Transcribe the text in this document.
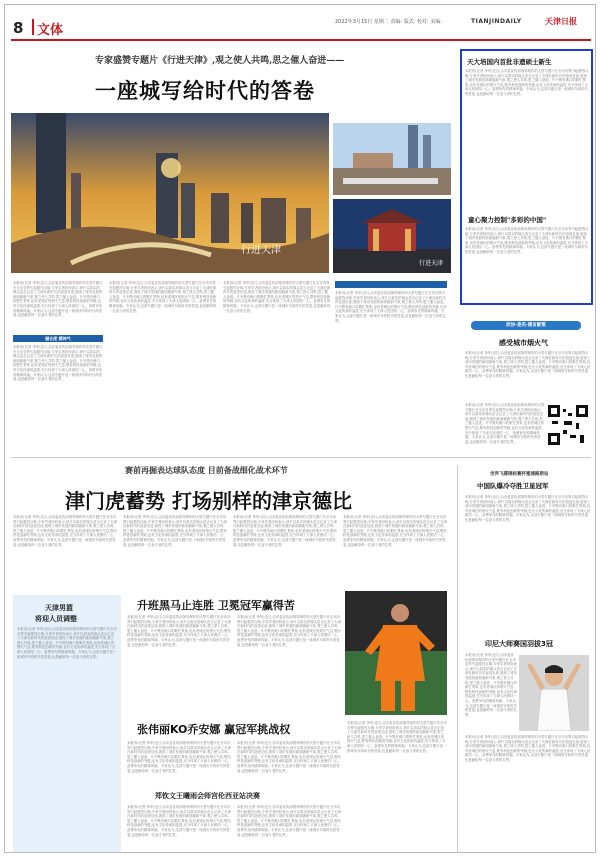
8 文体
2022年3月15日 星期二 责编: 版式: 校对: 美编:	TIANJINDAILY	天津日报
专家盛赞专题片《行进天津》,观之使人共鸣,思之催人奋进——
一座城写给时代的答卷
行进天津
行进天津
本报讯(记者 李华)近日,由市委宣传部指导制作的大型专题片在全市各界引起强烈反响,专家学者纷纷表示,该片以真实的镜头语言记录了天津在新时代的奋进足迹,展现了城市发展的新面貌新气象,观之使人共鸣,思之催人奋进。片中既有港口的繁忙景象,也有老城区的烟火气息,既有科技创新的突破,也有文化传承的温度,充分体现了天津人民团结一心、奋勇争先的精神风貌。专家认为,这部专题片是一座城市写给时代的答卷,也是献给每一位奋斗者的礼赞。
融合度 精神气
本报讯(记者 李华)近日,由市委宣传部指导制作的大型专题片在全市各界引起强烈反响,专家学者纷纷表示,该片以真实的镜头语言记录了天津在新时代的奋进足迹,展现了城市发展的新面貌新气象,观之使人共鸣,思之催人奋进。片中既有港口的繁忙景象,也有老城区的烟火气息,既有科技创新的突破,也有文化传承的温度,充分体现了天津人民团结一心、奋勇争先的精神风貌。专家认为,这部专题片是一座城市写给时代的答卷,也是献给每一位奋斗者的礼赞。
本报讯(记者 李华)近日,由市委宣传部指导制作的大型专题片在全市各界引起强烈反响,专家学者纷纷表示,该片以真实的镜头语言记录了天津在新时代的奋进足迹,展现了城市发展的新面貌新气象,观之使人共鸣,思之催人奋进。片中既有港口的繁忙景象,也有老城区的烟火气息,既有科技创新的突破,也有文化传承的温度,充分体现了天津人民团结一心、奋勇争先的精神风貌。专家认为,这部专题片是一座城市写给时代的答卷,也是献给每一位奋斗者的礼赞。
本报讯(记者 李华)近日,由市委宣传部指导制作的大型专题片在全市各界引起强烈反响,专家学者纷纷表示,该片以真实的镜头语言记录了天津在新时代的奋进足迹,展现了城市发展的新面貌新气象,观之使人共鸣,思之催人奋进。片中既有港口的繁忙景象,也有老城区的烟火气息,既有科技创新的突破,也有文化传承的温度,充分体现了天津人民团结一心、奋勇争先的精神风貌。专家认为,这部专题片是一座城市写给时代的答卷,也是献给每一位奋斗者的礼赞。
本报讯(记者 李华)近日,由市委宣传部指导制作的大型专题片在全市各界引起强烈反响,专家学者纷纷表示,该片以真实的镜头语言记录了天津在新时代的奋进足迹,展现了城市发展的新面貌新气象,观之使人共鸣,思之催人奋进。片中既有港口的繁忙景象,也有老城区的烟火气息,既有科技创新的突破,也有文化传承的温度,充分体现了天津人民团结一心、奋勇争先的精神风貌。专家认为,这部专题片是一座城市写给时代的答卷,也是献给每一位奋斗者的礼赞。
天大培国内首批非遗硕士新生
本报讯(记者 李华)近日,由市委宣传部指导制作的大型专题片在全市各界引起强烈反响,专家学者纷纷表示,该片以真实的镜头语言记录了天津在新时代的奋进足迹,展现了城市发展的新面貌新气象,观之使人共鸣,思之催人奋进。片中既有港口的繁忙景象,也有老城区的烟火气息,既有科技创新的突破,也有文化传承的温度,充分体现了天津人民团结一心、奋勇争先的精神风貌。专家认为,这部专题片是一座城市写给时代的答卷,也是献给每一位奋斗者的礼赞。
童心聚力控制"多彩的中国"
本报讯(记者 李华)近日,由市委宣传部指导制作的大型专题片在全市各界引起强烈反响,专家学者纷纷表示,该片以真实的镜头语言记录了天津在新时代的奋进足迹,展现了城市发展的新面貌新气象,观之使人共鸣,思之催人奋进。片中既有港口的繁忙景象,也有老城区的烟火气息,既有科技创新的突破,也有文化传承的温度,充分体现了天津人民团结一心、奋勇争先的精神风貌。专家认为,这部专题片是一座城市写给时代的答卷,也是献给每一位奋斗者的礼赞。
政协·委员·建言献策
感受城市烟火气
本报讯(记者 李华)近日,由市委宣传部指导制作的大型专题片在全市各界引起强烈反响,专家学者纷纷表示,该片以真实的镜头语言记录了天津在新时代的奋进足迹,展现了城市发展的新面貌新气象,观之使人共鸣,思之催人奋进。片中既有港口的繁忙景象,也有老城区的烟火气息,既有科技创新的突破,也有文化传承的温度,充分体现了天津人民团结一心、奋勇争先的精神风貌。专家认为,这部专题片是一座城市写给时代的答卷,也是献给每一位奋斗者的礼赞。
本报讯(记者 李华)近日,由市委宣传部指导制作的大型专题片在全市各界引起强烈反响,专家学者纷纷表示,该片以真实的镜头语言记录了天津在新时代的奋进足迹,展现了城市发展的新面貌新气象,观之使人共鸣,思之催人奋进。片中既有港口的繁忙景象,也有老城区的烟火气息,既有科技创新的突破,也有文化传承的温度,充分体现了天津人民团结一心、奋勇争先的精神风貌。专家认为,这部专题片是一座城市写给时代的答卷,也是献给每一位奋斗者的礼赞。
赛前再掘表达球队态度 目前备战细化战术环节
津门虎蓄势 打场别样的津京德比
本报讯(记者 李华)近日,由市委宣传部指导制作的大型专题片在全市各界引起强烈反响,专家学者纷纷表示,该片以真实的镜头语言记录了天津在新时代的奋进足迹,展现了城市发展的新面貌新气象,观之使人共鸣,思之催人奋进。片中既有港口的繁忙景象,也有老城区的烟火气息,既有科技创新的突破,也有文化传承的温度,充分体现了天津人民团结一心、奋勇争先的精神风貌。专家认为,这部专题片是一座城市写给时代的答卷,也是献给每一位奋斗者的礼赞。
本报讯(记者 李华)近日,由市委宣传部指导制作的大型专题片在全市各界引起强烈反响,专家学者纷纷表示,该片以真实的镜头语言记录了天津在新时代的奋进足迹,展现了城市发展的新面貌新气象,观之使人共鸣,思之催人奋进。片中既有港口的繁忙景象,也有老城区的烟火气息,既有科技创新的突破,也有文化传承的温度,充分体现了天津人民团结一心、奋勇争先的精神风貌。专家认为,这部专题片是一座城市写给时代的答卷,也是献给每一位奋斗者的礼赞。
本报讯(记者 李华)近日,由市委宣传部指导制作的大型专题片在全市各界引起强烈反响,专家学者纷纷表示,该片以真实的镜头语言记录了天津在新时代的奋进足迹,展现了城市发展的新面貌新气象,观之使人共鸣,思之催人奋进。片中既有港口的繁忙景象,也有老城区的烟火气息,既有科技创新的突破,也有文化传承的温度,充分体现了天津人民团结一心、奋勇争先的精神风貌。专家认为,这部专题片是一座城市写给时代的答卷,也是献给每一位奋斗者的礼赞。
本报讯(记者 李华)近日,由市委宣传部指导制作的大型专题片在全市各界引起强烈反响,专家学者纷纷表示,该片以真实的镜头语言记录了天津在新时代的奋进足迹,展现了城市发展的新面貌新气象,观之使人共鸣,思之催人奋进。片中既有港口的繁忙景象,也有老城区的烟火气息,既有科技创新的突破,也有文化传承的温度,充分体现了天津人民团结一心、奋勇争先的精神风貌。专家认为,这部专题片是一座城市写给时代的答卷,也是献给每一位奋斗者的礼赞。
天津男篮
将迎人员调整
本报讯(记者 李华)近日,由市委宣传部指导制作的大型专题片在全市各界引起强烈反响,专家学者纷纷表示,该片以真实的镜头语言记录了天津在新时代的奋进足迹,展现了城市发展的新面貌新气象,观之使人共鸣,思之催人奋进。片中既有港口的繁忙景象,也有老城区的烟火气息,既有科技创新的突破,也有文化传承的温度,充分体现了天津人民团结一心、奋勇争先的精神风貌。专家认为,这部专题片是一座城市写给时代的答卷,也是献给每一位奋斗者的礼赞。
升班黑马止连胜 卫冕冠军赢得苦
本报讯(记者 李华)近日,由市委宣传部指导制作的大型专题片在全市各界引起强烈反响,专家学者纷纷表示,该片以真实的镜头语言记录了天津在新时代的奋进足迹,展现了城市发展的新面貌新气象,观之使人共鸣,思之催人奋进。片中既有港口的繁忙景象,也有老城区的烟火气息,既有科技创新的突破,也有文化传承的温度,充分体现了天津人民团结一心、奋勇争先的精神风貌。专家认为,这部专题片是一座城市写给时代的答卷,也是献给每一位奋斗者的礼赞。
本报讯(记者 李华)近日,由市委宣传部指导制作的大型专题片在全市各界引起强烈反响,专家学者纷纷表示,该片以真实的镜头语言记录了天津在新时代的奋进足迹,展现了城市发展的新面貌新气象,观之使人共鸣,思之催人奋进。片中既有港口的繁忙景象,也有老城区的烟火气息,既有科技创新的突破,也有文化传承的温度,充分体现了天津人民团结一心、奋勇争先的精神风貌。专家认为,这部专题片是一座城市写给时代的答卷,也是献给每一位奋斗者的礼赞。
张伟丽KO乔安娜 赢冠军挑战权
本报讯(记者 李华)近日,由市委宣传部指导制作的大型专题片在全市各界引起强烈反响,专家学者纷纷表示,该片以真实的镜头语言记录了天津在新时代的奋进足迹,展现了城市发展的新面貌新气象,观之使人共鸣,思之催人奋进。片中既有港口的繁忙景象,也有老城区的烟火气息,既有科技创新的突破,也有文化传承的温度,充分体现了天津人民团结一心、奋勇争先的精神风貌。专家认为,这部专题片是一座城市写给时代的答卷,也是献给每一位奋斗者的礼赞。
本报讯(记者 李华)近日,由市委宣传部指导制作的大型专题片在全市各界引起强烈反响,专家学者纷纷表示,该片以真实的镜头语言记录了天津在新时代的奋进足迹,展现了城市发展的新面貌新气象,观之使人共鸣,思之催人奋进。片中既有港口的繁忙景象,也有老城区的烟火气息,既有科技创新的突破,也有文化传承的温度,充分体现了天津人民团结一心、奋勇争先的精神风貌。专家认为,这部专题片是一座城市写给时代的答卷,也是献给每一位奋斗者的礼赞。
本报讯(记者 李华)近日,由市委宣传部指导制作的大型专题片在全市各界引起强烈反响,专家学者纷纷表示,该片以真实的镜头语言记录了天津在新时代的奋进足迹,展现了城市发展的新面貌新气象,观之使人共鸣,思之催人奋进。片中既有港口的繁忙景象,也有老城区的烟火气息,既有科技创新的突破,也有文化传承的温度,充分体现了天津人民团结一心、奋勇争先的精神风貌。专家认为,这部专题片是一座城市写给时代的答卷,也是献给每一位奋斗者的礼赞。
郑钦文王曦雨会师宫伦西亚站决赛
本报讯(记者 李华)近日,由市委宣传部指导制作的大型专题片在全市各界引起强烈反响,专家学者纷纷表示,该片以真实的镜头语言记录了天津在新时代的奋进足迹,展现了城市发展的新面貌新气象,观之使人共鸣,思之催人奋进。片中既有港口的繁忙景象,也有老城区的烟火气息,既有科技创新的突破,也有文化传承的温度,充分体现了天津人民团结一心、奋勇争先的精神风貌。专家认为,这部专题片是一座城市写给时代的答卷,也是献给每一位奋斗者的礼赞。
本报讯(记者 李华)近日,由市委宣传部指导制作的大型专题片在全市各界引起强烈反响,专家学者纷纷表示,该片以真实的镜头语言记录了天津在新时代的奋进足迹,展现了城市发展的新面貌新气象,观之使人共鸣,思之催人奋进。片中既有港口的繁忙景象,也有老城区的烟火气息,既有科技创新的突破,也有文化传承的温度,充分体现了天津人民团结一心、奋勇争先的精神风貌。专家认为,这部专题片是一座城市写给时代的答卷,也是献给每一位奋斗者的礼赞。
世界飞碟锦标赛杯塞浦路斯站
中国队爆冷夺胜卫星冠军
本报讯(记者 李华)近日,由市委宣传部指导制作的大型专题片在全市各界引起强烈反响,专家学者纷纷表示,该片以真实的镜头语言记录了天津在新时代的奋进足迹,展现了城市发展的新面貌新气象,观之使人共鸣,思之催人奋进。片中既有港口的繁忙景象,也有老城区的烟火气息,既有科技创新的突破,也有文化传承的温度,充分体现了天津人民团结一心、奋勇争先的精神风貌。专家认为,这部专题片是一座城市写给时代的答卷,也是献给每一位奋斗者的礼赞。
印尼大师赛国羽拔3冠
本报讯(记者 李华)近日,由市委宣传部指导制作的大型专题片在全市各界引起强烈反响,专家学者纷纷表示,该片以真实的镜头语言记录了天津在新时代的奋进足迹,展现了城市发展的新面貌新气象,观之使人共鸣,思之催人奋进。片中既有港口的繁忙景象,也有老城区的烟火气息,既有科技创新的突破,也有文化传承的温度,充分体现了天津人民团结一心、奋勇争先的精神风貌。专家认为,这部专题片是一座城市写给时代的答卷,也是献给每一位奋斗者的礼赞。
本报讯(记者 李华)近日,由市委宣传部指导制作的大型专题片在全市各界引起强烈反响,专家学者纷纷表示,该片以真实的镜头语言记录了天津在新时代的奋进足迹,展现了城市发展的新面貌新气象,观之使人共鸣,思之催人奋进。片中既有港口的繁忙景象,也有老城区的烟火气息,既有科技创新的突破,也有文化传承的温度,充分体现了天津人民团结一心、奋勇争先的精神风貌。专家认为,这部专题片是一座城市写给时代的答卷,也是献给每一位奋斗者的礼赞。
